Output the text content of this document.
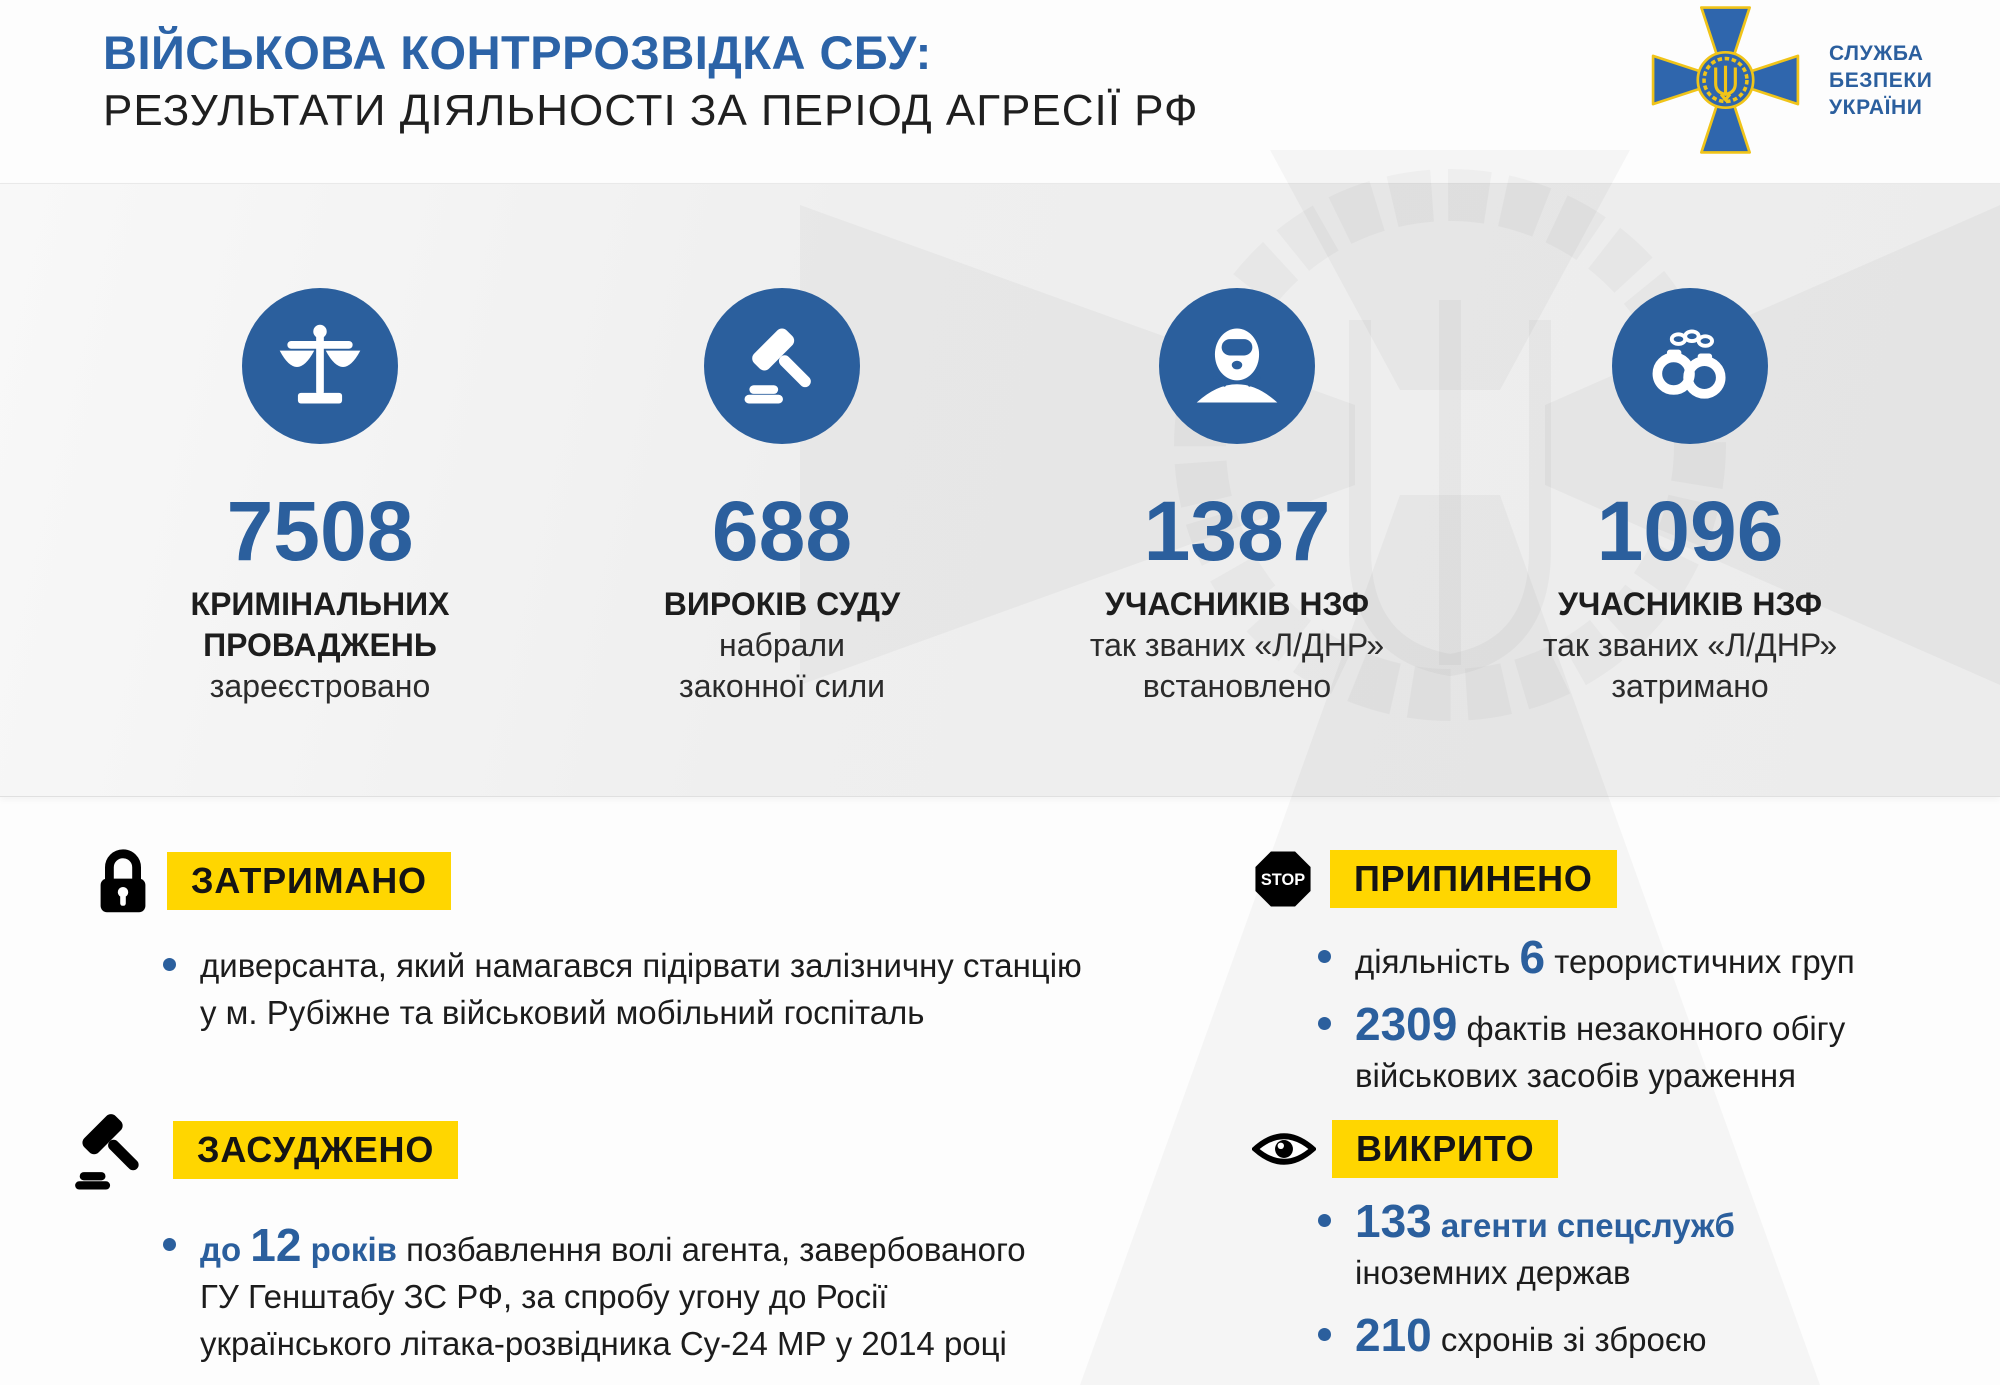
ВІЙСЬКОВА КОНТРРОЗВІДКА СБУ:
РЕЗУЛЬТАТИ ДІЯЛЬНОСТІ ЗА ПЕРІОД АГРЕСІЇ РФ
СЛУЖБА
БЕЗПЕКИ
УКРАЇНИ
7508
КРИМІНАЛЬНИХ
ПРОВАДЖЕНЬ
зареєстровано
688
ВИРОКІВ СУДУ
набрали
законної сили
1387
УЧАСНИКІВ НЗФ
так званих «Л/ДНР»
встановлено
1096
УЧАСНИКІВ НЗФ
так званих «Л/ДНР»
затримано
ЗАТРИМАНО
диверсанта, який намагався підірвати залізничну станцію
у м. Рубіжне та військовий мобільний госпіталь
ЗАСУДЖЕНО
до 12 років позбавлення волі агента, завербованого
ГУ Генштабу ЗС РФ, за спробу угону до Росії
українського літака-розвідника Су-24 МР у 2014 році
STOP	ПРИПИНЕНО
діяльність 6 терористичних груп
2309 фактів незаконного обігу
військових засобів ураження
ВИКРИТО
133 агенти спецслужб
іноземних держав
210 схронів зі зброєю
